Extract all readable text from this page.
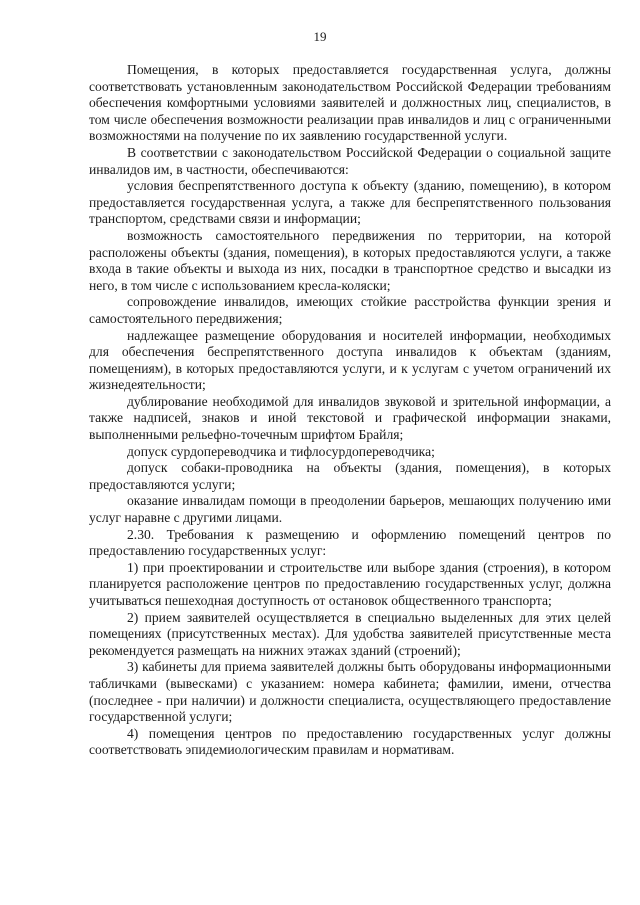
19

Помещения, в которых предоставляется государственная услуга, должны соответствовать установленным законодательством Российской Федерации требованиям обеспечения комфортными условиями заявителей и должностных лиц, специалистов, в том числе обеспечения возможности реализации прав инвалидов и лиц с ограниченными возможностями на получение по их заявлению государственной услуги.

В соответствии с законодательством Российской Федерации о социальной защите инвалидов им, в частности, обеспечиваются:

условия беспрепятственного доступа к объекту (зданию, помещению), в котором предоставляется государственная услуга, а также для беспрепятственного пользования транспортом, средствами связи и информации;

возможность самостоятельного передвижения по территории, на которой расположены объекты (здания, помещения), в которых предоставляются услуги, а также входа в такие объекты и выхода из них, посадки в транспортное средство и высадки из него, в том числе с использованием кресла-коляски;

сопровождение инвалидов, имеющих стойкие расстройства функции зрения и самостоятельного передвижения;

надлежащее размещение оборудования и носителей информации, необходимых для обеспечения беспрепятственного доступа инвалидов к объектам (зданиям, помещениям), в которых предоставляются услуги, и к услугам с учетом ограничений их жизнедеятельности;

дублирование необходимой для инвалидов звуковой и зрительной информации, а также надписей, знаков и иной текстовой и графической информации знаками, выполненными рельефно-точечным шрифтом Брайля;

допуск сурдопереводчика и тифлосурдопереводчика;

допуск собаки-проводника на объекты (здания, помещения), в которых предоставляются услуги;

оказание инвалидам помощи в преодолении барьеров, мешающих получению ими услуг наравне с другими лицами.

2.30. Требования к размещению и оформлению помещений центров по предоставлению государственных услуг:

1) при проектировании и строительстве или выборе здания (строения), в котором планируется расположение центров по предоставлению государственных услуг, должна учитываться пешеходная доступность от остановок общественного транспорта;

2) прием заявителей осуществляется в специально выделенных для этих целей помещениях (присутственных местах). Для удобства заявителей присутственные места рекомендуется размещать на нижних этажах зданий (строений);

3) кабинеты для приема заявителей должны быть оборудованы информационными табличками (вывесками) с указанием: номера кабинета; фамилии, имени, отчества (последнее - при наличии) и должности специалиста, осуществляющего предоставление государственной услуги;

4) помещения центров по предоставлению государственных услуг должны соответствовать эпидемиологическим правилам и нормативам.
